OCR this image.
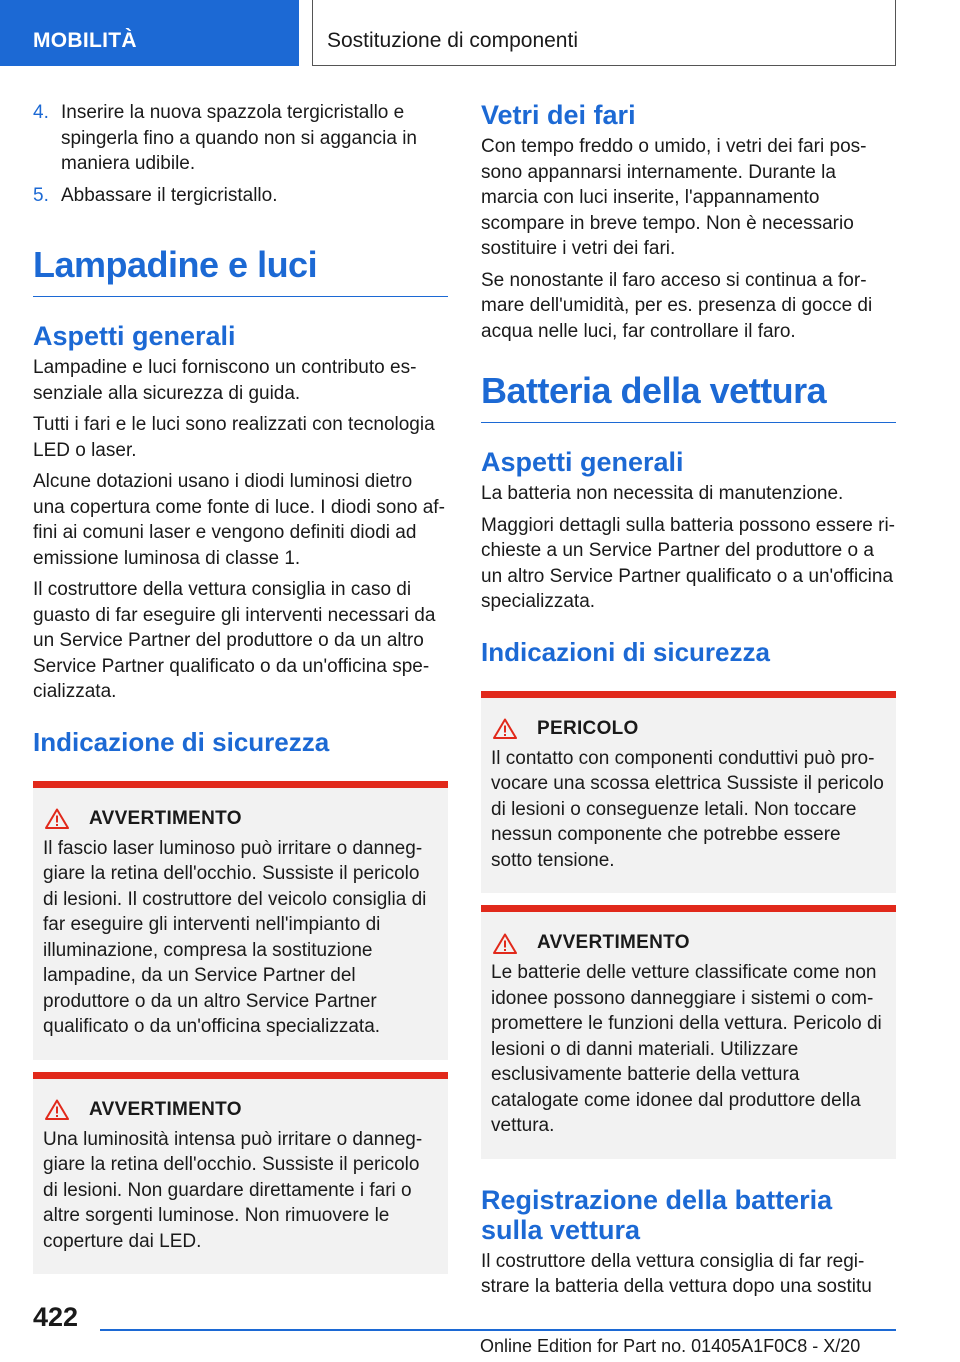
MOBILITÀ	Sostituzione di componenti
4. Inserire la nuova spazzola tergicristallo e spingerla fino a quando non si aggancia in maniera udibile.
5. Abbassare il tergicristallo.
Lampadine e luci
Aspetti generali

Lampadine e luci forniscono un contributo essenziale alla sicurezza di guida.

Tutti i fari e le luci sono realizzati con tecnologia LED o laser.

Alcune dotazioni usano i diodi luminosi dietro una copertura come fonte di luce. I diodi sono affini ai comuni laser e vengono definiti diodi ad emissione luminosa di classe 1.

Il costruttore della vettura consiglia in caso di guasto di far eseguire gli interventi necessari da un Service Partner del produttore o da un altro Service Partner qualificato o da un'officina specializzata.

Indicazione di sicurezza
AVVERTIMENTO
Il fascio laser luminoso può irritare o danneggiare la retina dell'occhio. Sussiste il pericolo di lesioni. Il costruttore del veicolo consiglia di far eseguire gli interventi nell'impianto di illuminazione, compresa la sostituzione lampadine, da un Service Partner del produttore o da un altro Service Partner qualificato o da un'officina specializzata.
AVVERTIMENTO
Una luminosità intensa può irritare o danneggiare la retina dell'occhio. Sussiste il pericolo di lesioni. Non guardare direttamente i fari o altre sorgenti luminose. Non rimuovere le coperture dai LED.
Vetri dei fari

Con tempo freddo o umido, i vetri dei fari possono appannarsi internamente. Durante la marcia con luci inserite, l'appannamento scompare in breve tempo. Non è necessario sostituire i vetri dei fari.

Se nonostante il faro acceso si continua a formare dell'umidità, per es. presenza di gocce di acqua nelle luci, far controllare il faro.

Batteria della vettura
Aspetti generali

La batteria non necessita di manutenzione.

Maggiori dettagli sulla batteria possono essere richieste a un Service Partner del produttore o a un altro Service Partner qualificato o a un'officina specializzata.

Indicazioni di sicurezza
PERICOLO
Il contatto con componenti conduttivi può provocare una scossa elettrica Sussiste il pericolo di lesioni o conseguenze letali. Non toccare nessun componente che potrebbe essere sotto tensione.
AVVERTIMENTO
Le batterie delle vetture classificate come non idonee possono danneggiare i sistemi o compromettere le funzioni della vettura. Pericolo di lesioni o di danni materiali. Utilizzare esclusivamente batterie della vettura catalogate come idonee dal produttore della vettura.
Registrazione della batteria sulla vettura

Il costruttore della vettura consiglia di far registrare la batteria della vettura dopo una sostitu

422
Online Edition for Part no. 01405A1F0C8 - X/20
